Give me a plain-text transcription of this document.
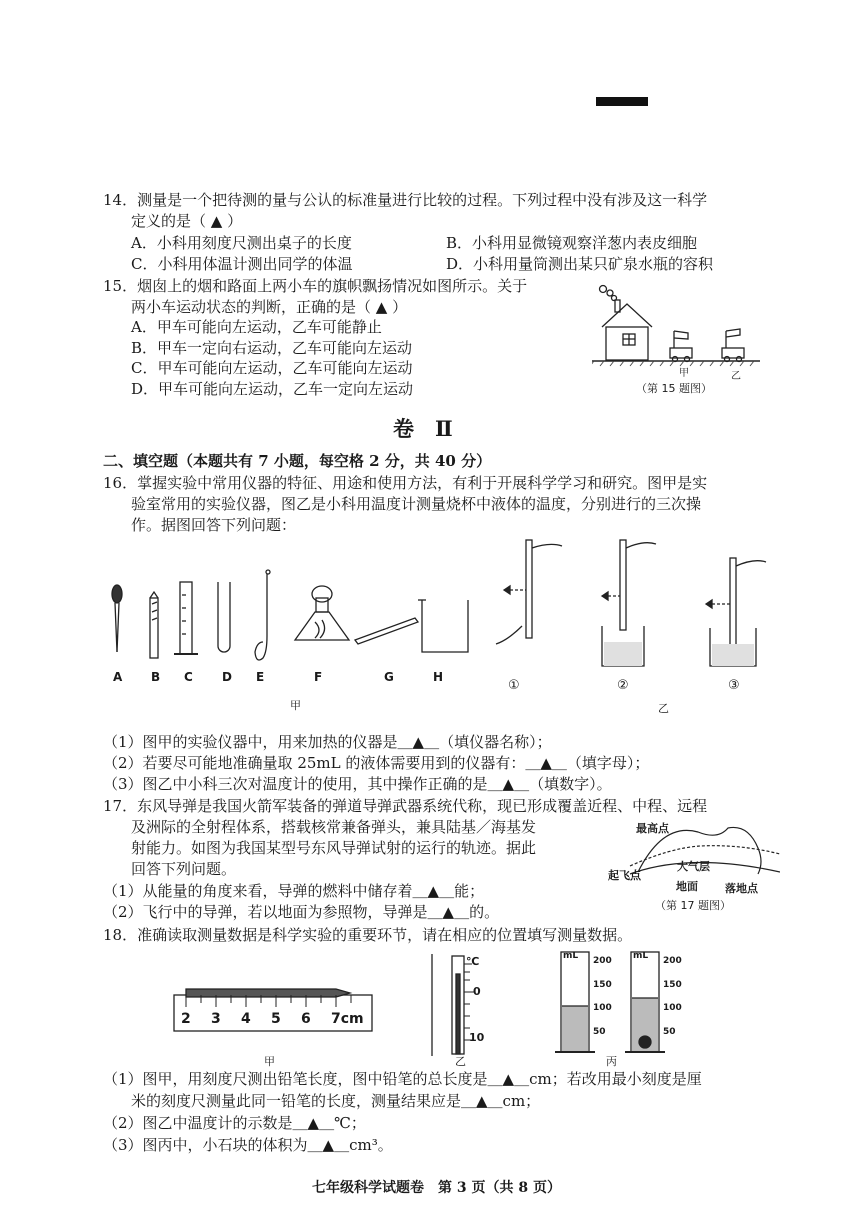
14．测量是一个把待测的量与公认的标准量进行比较的过程。下列过程中没有涉及这一科学
定义的是（ ▲ ）
A．小科用刻度尺测出桌子的长度	B．小科用显微镜观察洋葱内表皮细胞
C．小科用体温计测出同学的体温	D．小科用量筒测出某只矿泉水瓶的容积
15．烟囱上的烟和路面上两小车的旗帜飘扬情况如图所示。关于
两小车运动状态的判断，正确的是（ ▲ ）
A．甲车可能向左运动，乙车可能静止
B．甲车一定向右运动，乙车可能向左运动
C．甲车可能向左运动，乙车可能向左运动
D．甲车可能向左运动，乙车一定向左运动
甲	乙
（第 15 题图）
卷　Ⅱ
二、填空题（本题共有 7 小题，每空格 2 分，共 40 分）
16．掌握实验中常用仪器的特征、用途和使用方法，有利于开展科学学习和研究。图甲是实
验室常用的实验仪器，图乙是小科用温度计测量烧杯中液体的温度，分别进行的三次操
作。据图回答下列问题：
A B C D E	F	G	H
甲
①	②	③
乙
（1）图甲的实验仪器中，用来加热的仪器是＿▲＿（填仪器名称）；
（2）若要尽可能地准确量取 25mL 的液体需要用到的仪器有：＿▲＿（填字母）；
（3）图乙中小科三次对温度计的使用，其中操作正确的是＿▲＿（填数字）。
17．东风导弹是我国火箭军装备的弹道导弹武器系统代称，现已形成覆盖近程、中程、远程
及洲际的全射程体系，搭载核常兼备弹头，兼具陆基／海基发
射能力。如图为我国某型号东风导弹试射的运行的轨迹。据此
回答下列问题。
（1）从能量的角度来看，导弹的燃料中储存着＿▲＿能；
（2）飞行中的导弹，若以地面为参照物，导弹是＿▲＿的。
最高点
大气层
起飞点
地面 落地点
（第 17 题图）
18．准确读取测量数据是科学实验的重要环节，请在相应的位置填写测量数据。
2 3 4 5 6 7cm
甲
℃
0
10
乙
mL 200
150
100
50
mL 200
150
100
50
丙
（1）图甲，用刻度尺测出铅笔长度，图中铅笔的总长度是＿▲＿cm；若改用最小刻度是厘
米的刻度尺测量此同一铅笔的长度，测量结果应是＿▲＿cm；
（2）图乙中温度计的示数是＿▲＿℃；
（3）图丙中，小石块的体积为＿▲＿cm³。
七年级科学试题卷　第 3 页（共 8 页）
